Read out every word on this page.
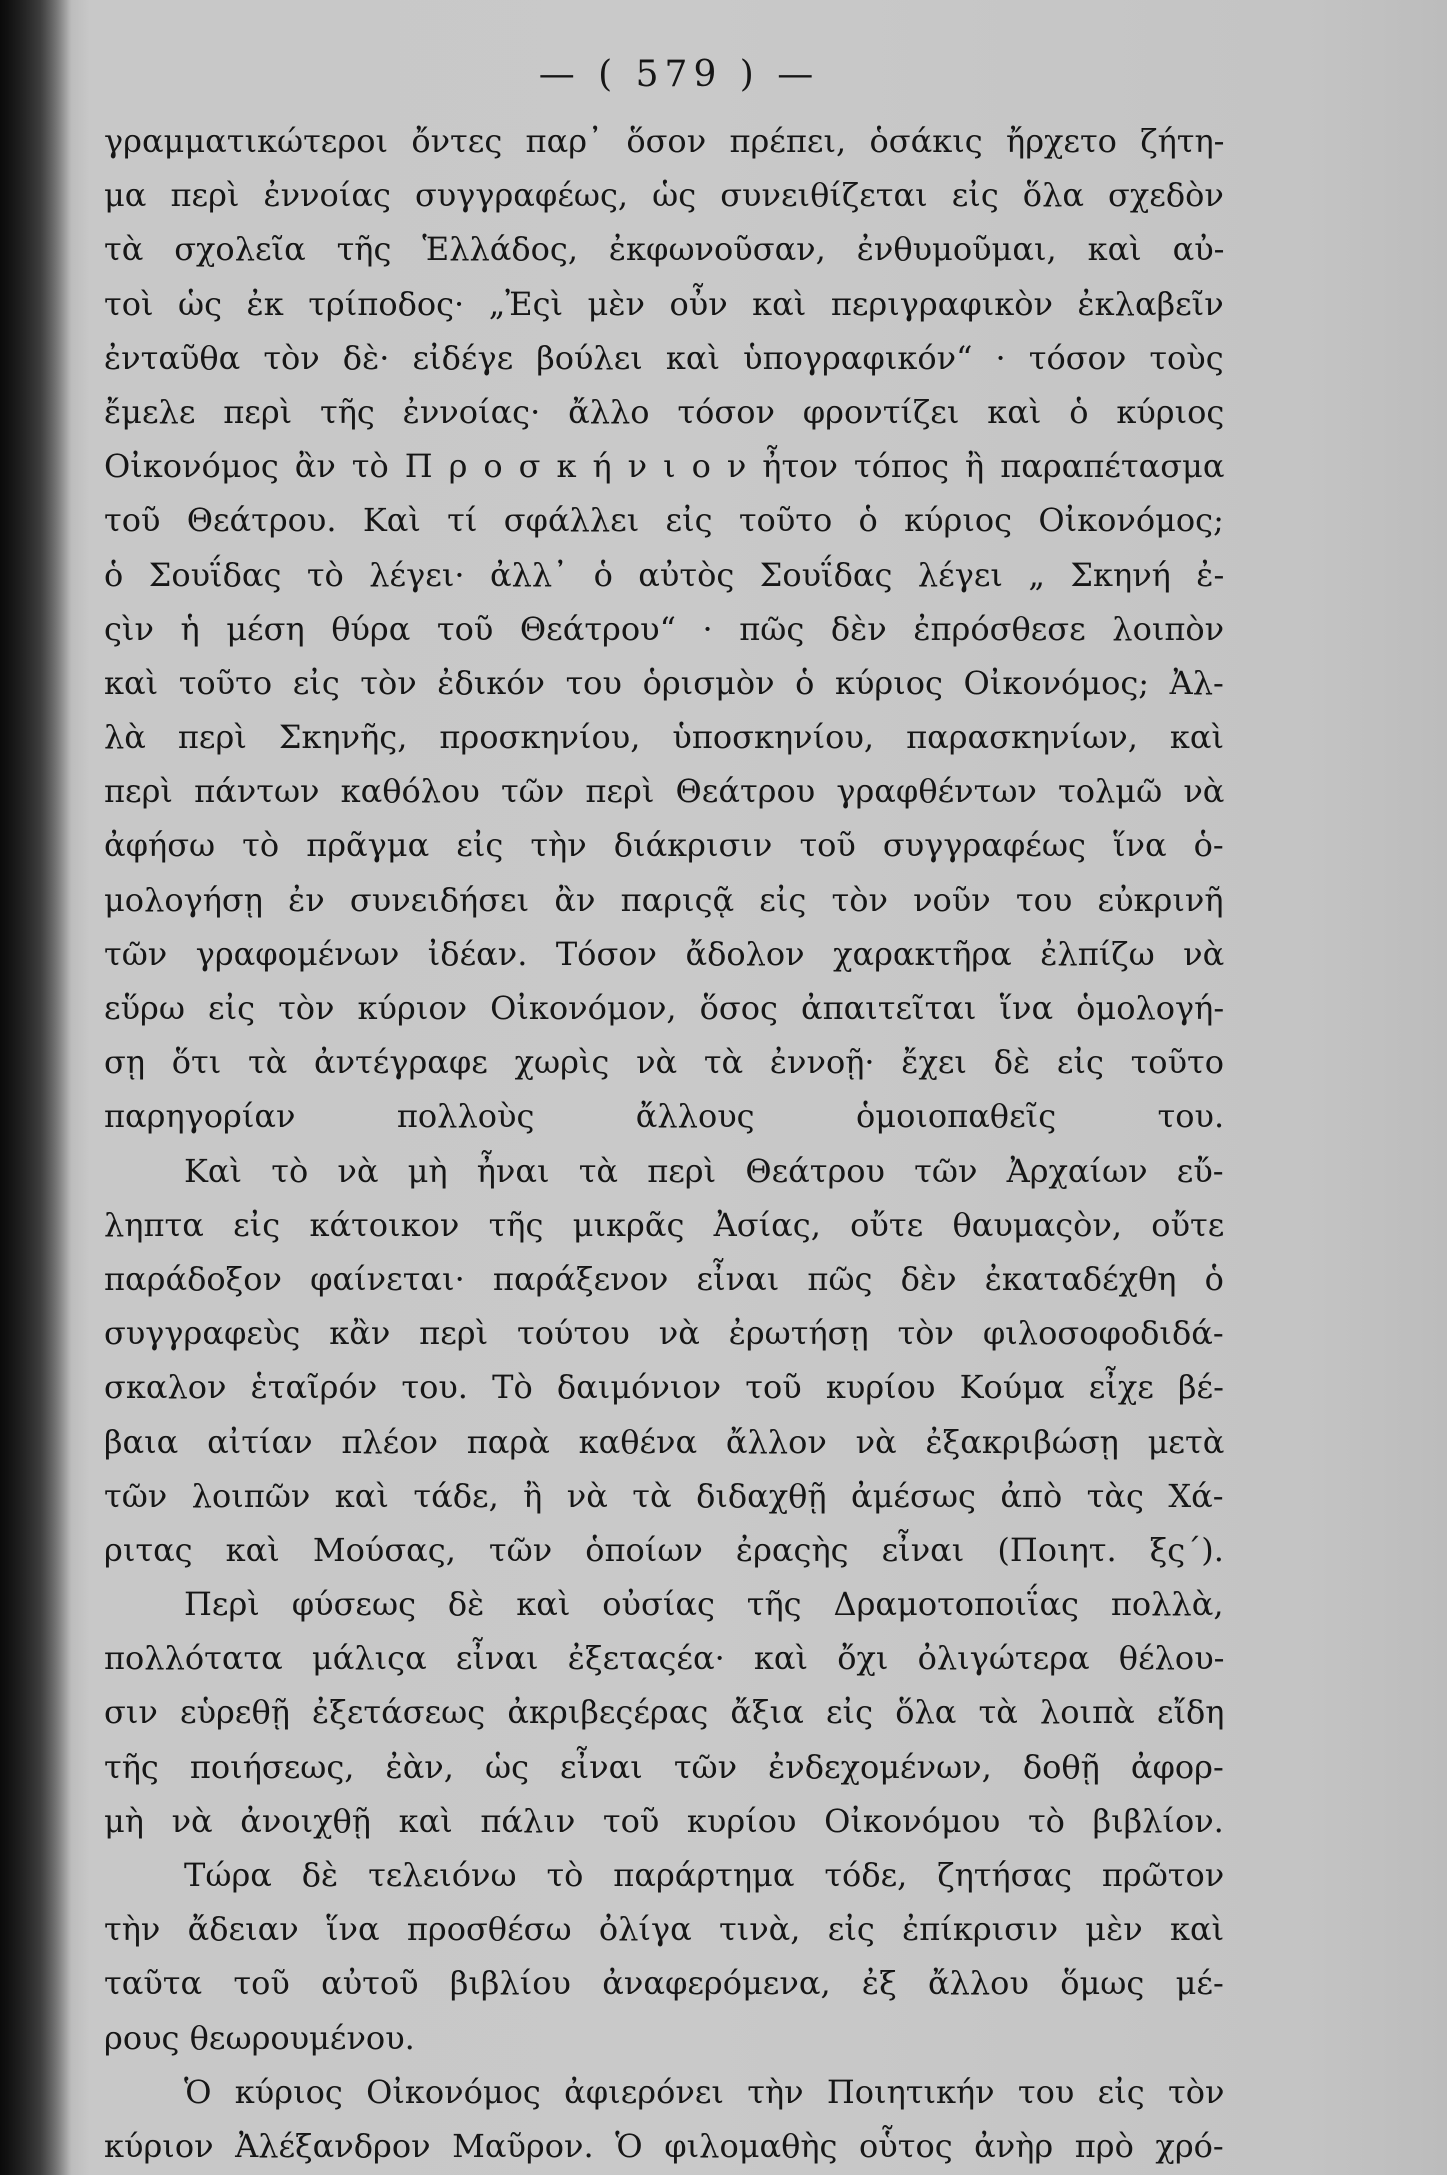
— ( 579 ) —
γραμματικώτεροι ὄντες παρ᾽ ὅσον πρέπει, ὁσάκις ἤρχετο ζήτη-
μα περὶ ἐννοίας συγγραφέως, ὡς συνειθίζεται εἰς ὅλα σχεδὸν
τὰ σχολεῖα τῆς Ἑλλάδος, ἐκφωνοῦσαν, ἐνθυμοῦμαι, καὶ αὐ-
τοὶ ὡς ἐκ τρίποδος· „Ἐςὶ μὲν οὖν καὶ περιγραφικὸν ἐκλαβεῖν
ἐνταῦθα τὸν δὲ· εἰδέγε βούλει καὶ ὑπογραφικόν“ · τόσον τοὺς
ἔμελε περὶ τῆς ἐννοίας· ἄλλο τόσον φροντίζει καὶ ὁ κύριος
Οἰκονόμος ἂν τὸ Π ρ ο σ κ ή ν ι ο ν ἦτον τόπος ἢ παραπέτασμα
τοῦ Θεάτρου. Καὶ τί σφάλλει εἰς τοῦτο ὁ κύριος Οἰκονόμος;
ὁ Σουΐδας τὸ λέγει· ἀλλ᾽ ὁ αὐτὸς Σουΐδας λέγει „ Σκηνή ἐ-
ςὶν ἡ μέση θύρα τοῦ Θεάτρου“ · πῶς δὲν ἐπρόσθεσε λοιπὸν
καὶ τοῦτο εἰς τὸν ἐδικόν του ὁρισμὸν ὁ κύριος Οἰκονόμος; Ἀλ-
λὰ περὶ Σκηνῆς, προσκηνίου, ὑποσκηνίου, παρασκηνίων, καὶ
περὶ πάντων καθόλου τῶν περὶ Θεάτρου γραφθέντων τολμῶ νὰ
ἀφήσω τὸ πρᾶγμα εἰς τὴν διάκρισιν τοῦ συγγραφέως ἵνα ὁ-
μολογήσῃ ἐν συνειδήσει ἂν παριςᾷ εἰς τὸν νοῦν του εὐκρινῆ
τῶν γραφομένων ἰδέαν. Τόσον ἄδολον χαρακτῆρα ἐλπίζω νὰ
εὕρω εἰς τὸν κύριον Οἰκονόμον, ὅσος ἀπαιτεῖται ἵνα ὁμολογή-
σῃ ὅτι τὰ ἀντέγραφε χωρὶς νὰ τὰ ἐννοῇ· ἔχει δὲ εἰς τοῦτο
παρηγορίαν πολλοὺς ἄλλους ὁμοιοπαθεῖς του.
Καὶ τὸ νὰ μὴ ἦναι τὰ περὶ Θεάτρου τῶν Ἀρχαίων εὔ-
ληπτα εἰς κάτοικον τῆς μικρᾶς Ἀσίας, οὔτε θαυμαςὸν, οὔτε
παράδοξον φαίνεται· παράξενον εἶναι πῶς δὲν ἐκαταδέχθη ὁ
συγγραφεὺς κἂν περὶ τούτου νὰ ἐρωτήσῃ τὸν φιλοσοφοδιδά-
σκαλον ἑταῖρόν του. Τὸ δαιμόνιον τοῦ κυρίου Κούμα εἶχε βέ-
βαια αἰτίαν πλέον παρὰ καθένα ἄλλον νὰ ἐξακριβώσῃ μετὰ
τῶν λοιπῶν καὶ τάδε, ἢ νὰ τὰ διδαχθῇ ἀμέσως ἀπὸ τὰς Χά-
ριτας καὶ Μούσας, τῶν ὁποίων ἐραςὴς εἶναι (Ποιητ. ξς´).
Περὶ φύσεως δὲ καὶ οὐσίας τῆς Δραμοτοποιΐας πολλὰ,
πολλότατα μάλιςα εἶναι ἐξεταςέα· καὶ ὄχι ὀλιγώτερα θέλου-
σιν εὑρεθῇ ἐξετάσεως ἀκριβεςέρας ἄξια εἰς ὅλα τὰ λοιπὰ εἴδη
τῆς ποιήσεως, ἐὰν, ὡς εἶναι τῶν ἐνδεχομένων, δοθῇ ἀφορ-
μὴ νὰ ἀνοιχθῇ καὶ πάλιν τοῦ κυρίου Οἰκονόμου τὸ βιβλίον.
Τώρα δὲ τελειόνω τὸ παράρτημα τόδε, ζητήσας πρῶτον
τὴν ἄδειαν ἵνα προσθέσω ὀλίγα τινὰ, εἰς ἐπίκρισιν μὲν καὶ
ταῦτα τοῦ αὐτοῦ βιβλίου ἀναφερόμενα, ἐξ ἄλλου ὅμως μέ-
ρους θεωρουμένου.
Ὁ κύριος Οἰκονόμος ἀφιερόνει τὴν Ποιητικήν του εἰς τὸν
κύριον Ἀλέξανδρον Μαῦρον. Ὁ φιλομαθὴς οὗτος ἀνὴρ πρὸ χρό-
